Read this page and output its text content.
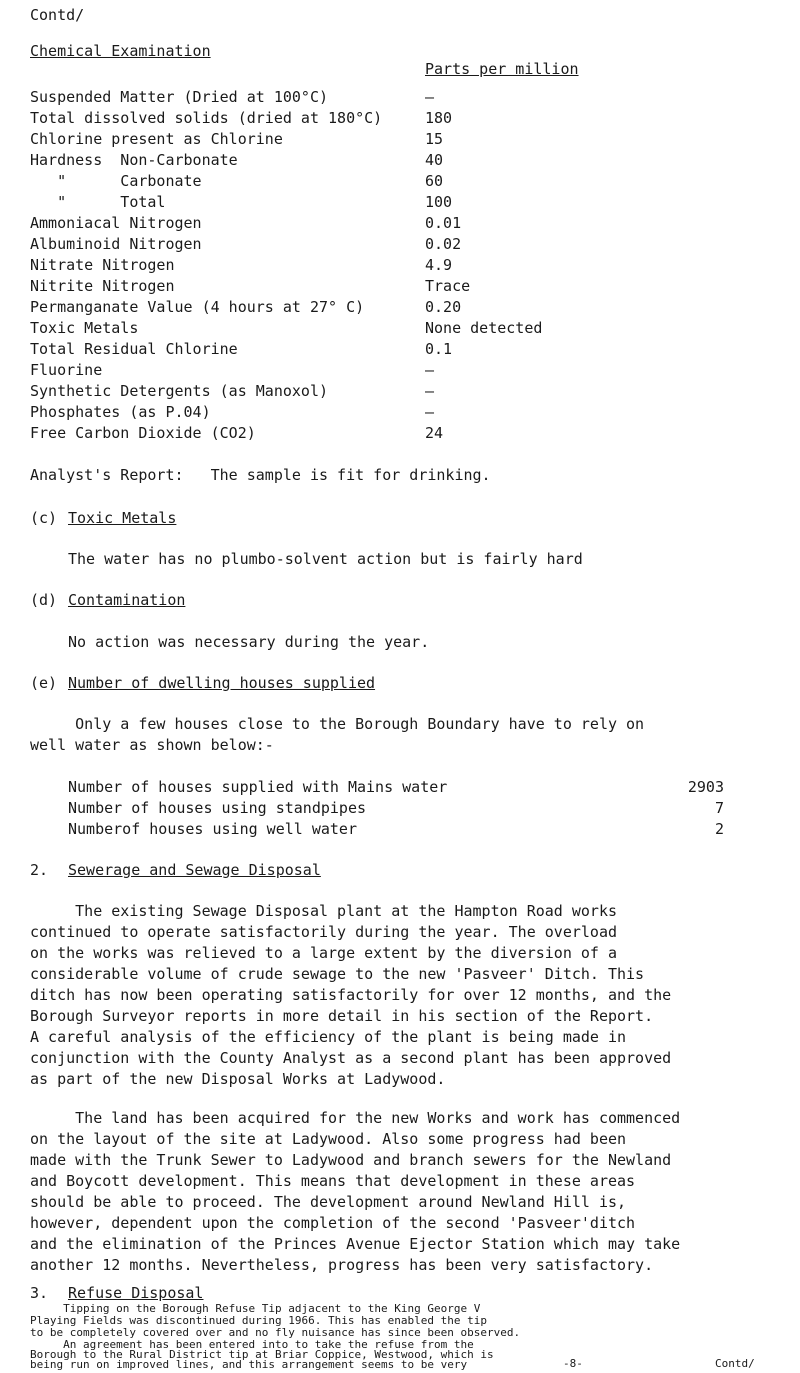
Contd/
Chemical Examination
Parts per million
Suspended Matter (Dried at 100°C)	–
Total dissolved solids (dried at 180°C)	180
Chlorine present as Chlorine	15
Hardness  Non-Carbonate	40
"      Carbonate	60
"      Total	100
Ammoniacal Nitrogen	0.01
Albuminoid Nitrogen	0.02
Nitrate Nitrogen	4.9
Nitrite Nitrogen	Trace
Permanganate Value (4 hours at 27° C)	0.20
Toxic Metals	None detected
Total Residual Chlorine	0.1
Fluorine	–
Synthetic Detergents (as Manoxol)	–
Phosphates (as P.04)	–
Free Carbon Dioxide (CO2)	24
Analyst's Report:   The sample is fit for drinking.
(c) Toxic Metals
The water has no plumbo-solvent action but is fairly hard
(d) Contamination
No action was necessary during the year.
(e) Number of dwelling houses supplied
Only a few houses close to the Borough Boundary have to rely on
well water as shown below:-
Number of houses supplied with Mains water	2903
Number of houses using standpipes	7
Numberof houses using well water	2
2. Sewerage and Sewage Disposal
The existing Sewage Disposal plant at the Hampton Road works
continued to operate satisfactorily during the year. The overload
on the works was relieved to a large extent by the diversion of a
considerable volume of crude sewage to the new 'Pasveer' Ditch. This
ditch has now been operating satisfactorily for over 12 months, and the
Borough Surveyor reports in more detail in his section of the Report.
A careful analysis of the efficiency of the plant is being made in
conjunction with the County Analyst as a second plant has been approved
as part of the new Disposal Works at Ladywood.
The land has been acquired for the new Works and work has commenced
on the layout of the site at Ladywood. Also some progress had been
made with the Trunk Sewer to Ladywood and branch sewers for the Newland
and Boycott development. This means that development in these areas
should be able to proceed. The development around Newland Hill is,
however, dependent upon the completion of the second 'Pasveer'ditch
and the elimination of the Princes Avenue Ejector Station which may take
another 12 months. Nevertheless, progress has been very satisfactory.
3. Refuse Disposal
Tipping on the Borough Refuse Tip adjacent to the King George V
Playing Fields was discontinued during 1966. This has enabled the tip
to be completely covered over and no fly nuisance has since been observed.
An agreement has been entered into to take the refuse from the
Borough to the Rural District tip at Briar Coppice, Westwood, which is
being run on improved lines, and this arrangement seems to be very	-8-	Contd/
